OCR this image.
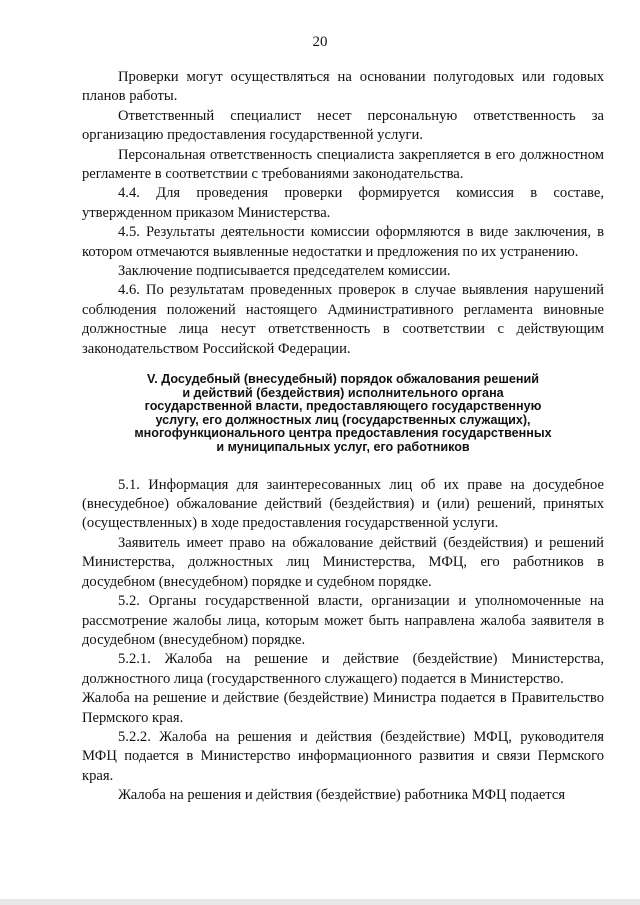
20

Проверки могут осуществляться на основании полугодовых или годовых планов работы.

Ответственный специалист несет персональную ответственность за организацию предоставления государственной услуги.

Персональная ответственность специалиста закрепляется в его должностном регламенте в соответствии с требованиями законодательства.

4.4. Для проведения проверки формируется комиссия в составе, утвержденном приказом Министерства.

4.5. Результаты деятельности комиссии оформляются в виде заключения, в котором отмечаются выявленные недостатки и предложения по их устранению.

Заключение подписывается председателем комиссии.

4.6. По результатам проведенных проверок в случае выявления нарушений соблюдения положений настоящего Административного регламента виновные должностные лица несут ответственность в соответствии с действующим законодательством Российской Федерации.

V. Досудебный (внесудебный) порядок обжалования решений
и действий (бездействия) исполнительного органа
государственной власти, предоставляющего государственную
услугу, его должностных лиц (государственных служащих),
многофункционального центра предоставления государственных
и муниципальных услуг, его работников

5.1. Информация для заинтересованных лиц об их праве на досудебное (внесудебное) обжалование действий (бездействия) и (или) решений, принятых (осуществленных) в ходе предоставления государственной услуги.

Заявитель имеет право на обжалование действий (бездействия) и решений Министерства, должностных лиц Министерства, МФЦ, его работников в досудебном (внесудебном) порядке и судебном порядке.

5.2. Органы государственной власти, организации и уполномоченные на рассмотрение жалобы лица, которым может быть направлена жалоба заявителя в досудебном (внесудебном) порядке.

5.2.1. Жалоба на решение и действие (бездействие) Министерства, должностного лица (государственного служащего) подается в Министерство.

Жалоба на решение и действие (бездействие) Министра подается в Правительство Пермского края.

5.2.2. Жалоба на решения и действия (бездействие) МФЦ, руководителя МФЦ подается в Министерство информационного развития и связи Пермского края.

Жалоба на решения и действия (бездействие) работника МФЦ подается
